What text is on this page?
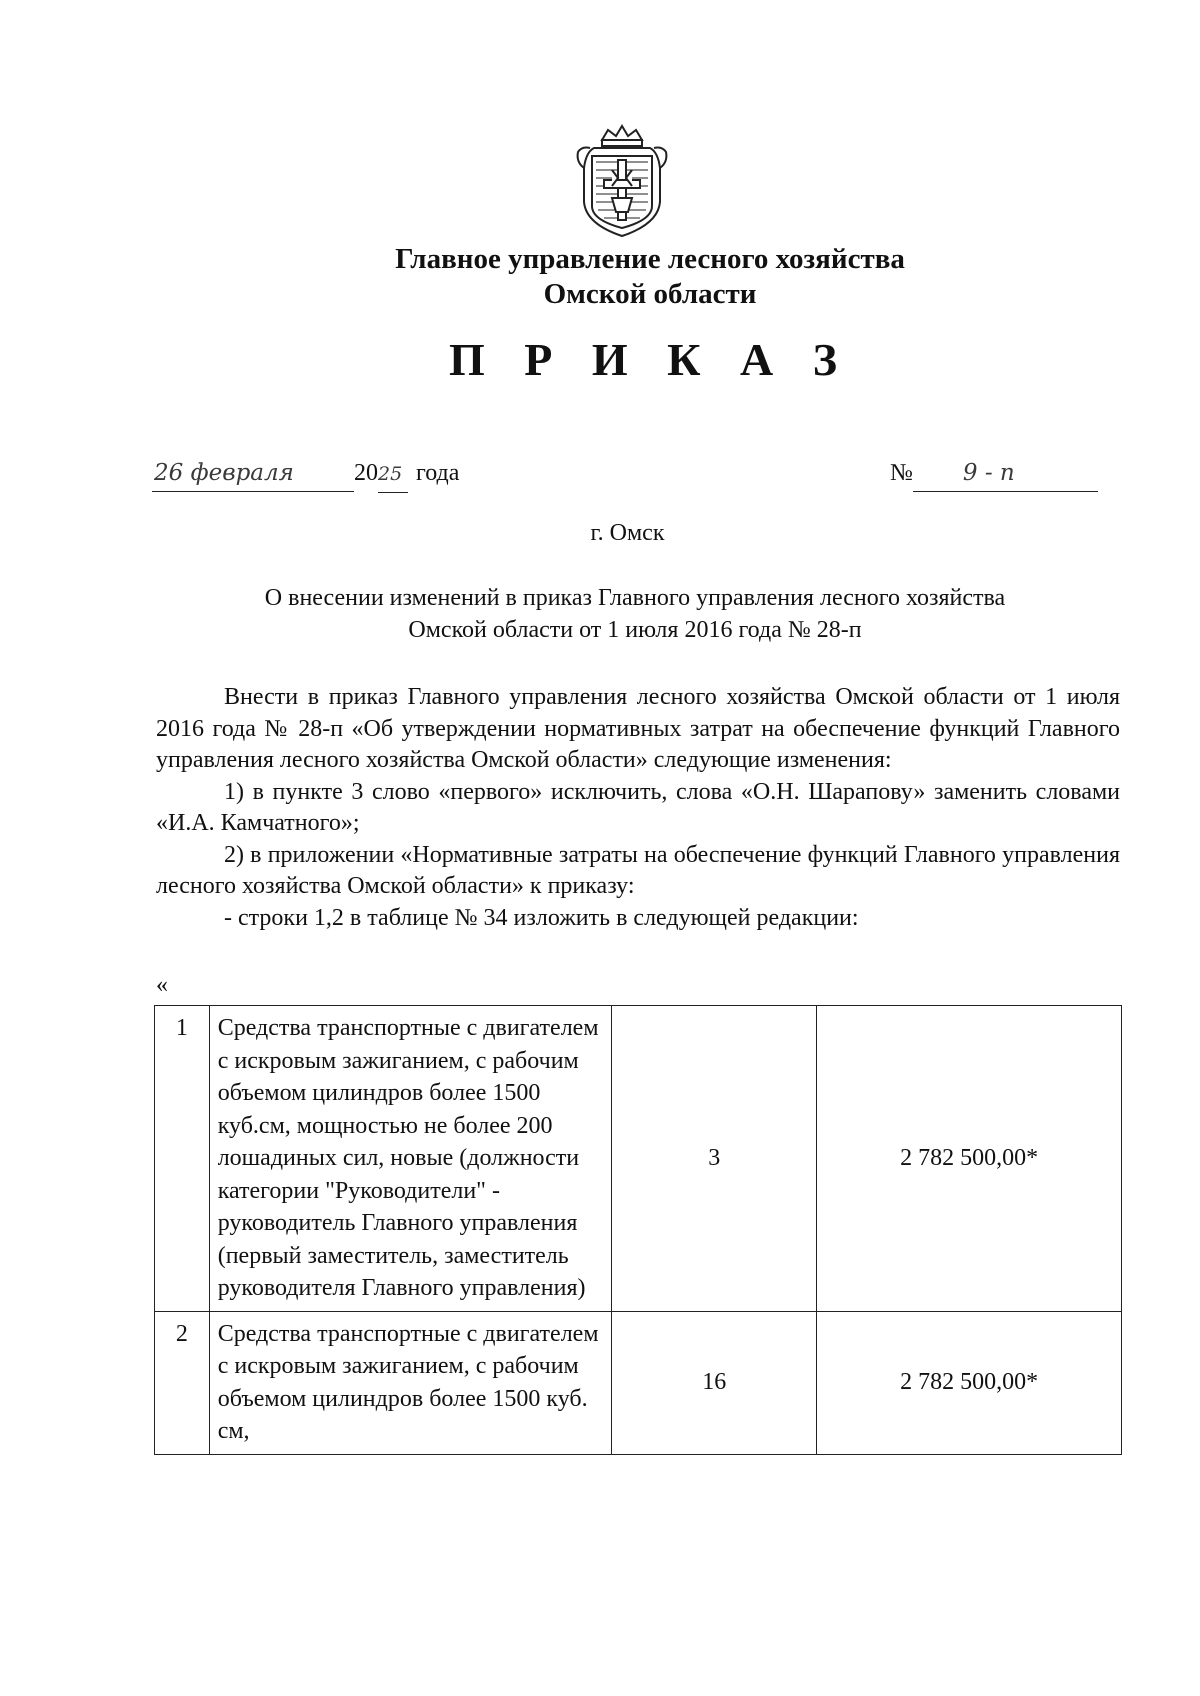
Главное управление лесного хозяйства
Омской области
П Р И К А З
26 февраля	20 25 года	№	9 - п
г. Омск
О внесении изменений в приказ Главного управления лесного хозяйства
Омской области от 1 июля 2016 года № 28-п

Внести в приказ Главного управления лесного хозяйства Омской области от 1 июля 2016 года № 28-п «Об утверждении нормативных затрат на обеспечение функций Главного управления лесного хозяйства Омской области» следующие изменения:

1) в пункте 3 слово «первого» исключить, слова «О.Н. Шарапову» заменить словами «И.А. Камчатного»;

2) в приложении «Нормативные затраты на обеспечение функций Главного управления лесного хозяйства Омской области» к приказу:

- строки 1,2 в таблице № 34 изложить в следующей редакции:

«
1	Средства транспортные с двигателем с искровым зажиганием, с рабочим объемом цилиндров более 1500 куб.см, мощностью не более 200 лошадиных сил, новые (должности категории "Руководители" - руководитель Главного управления (первый заместитель, заместитель руководителя Главного управления)	3	2 782 500,00*
2	Средства транспортные с двигателем с искровым зажиганием, с рабочим объемом цилиндров более 1500 куб. см,	16	2 782 500,00*
